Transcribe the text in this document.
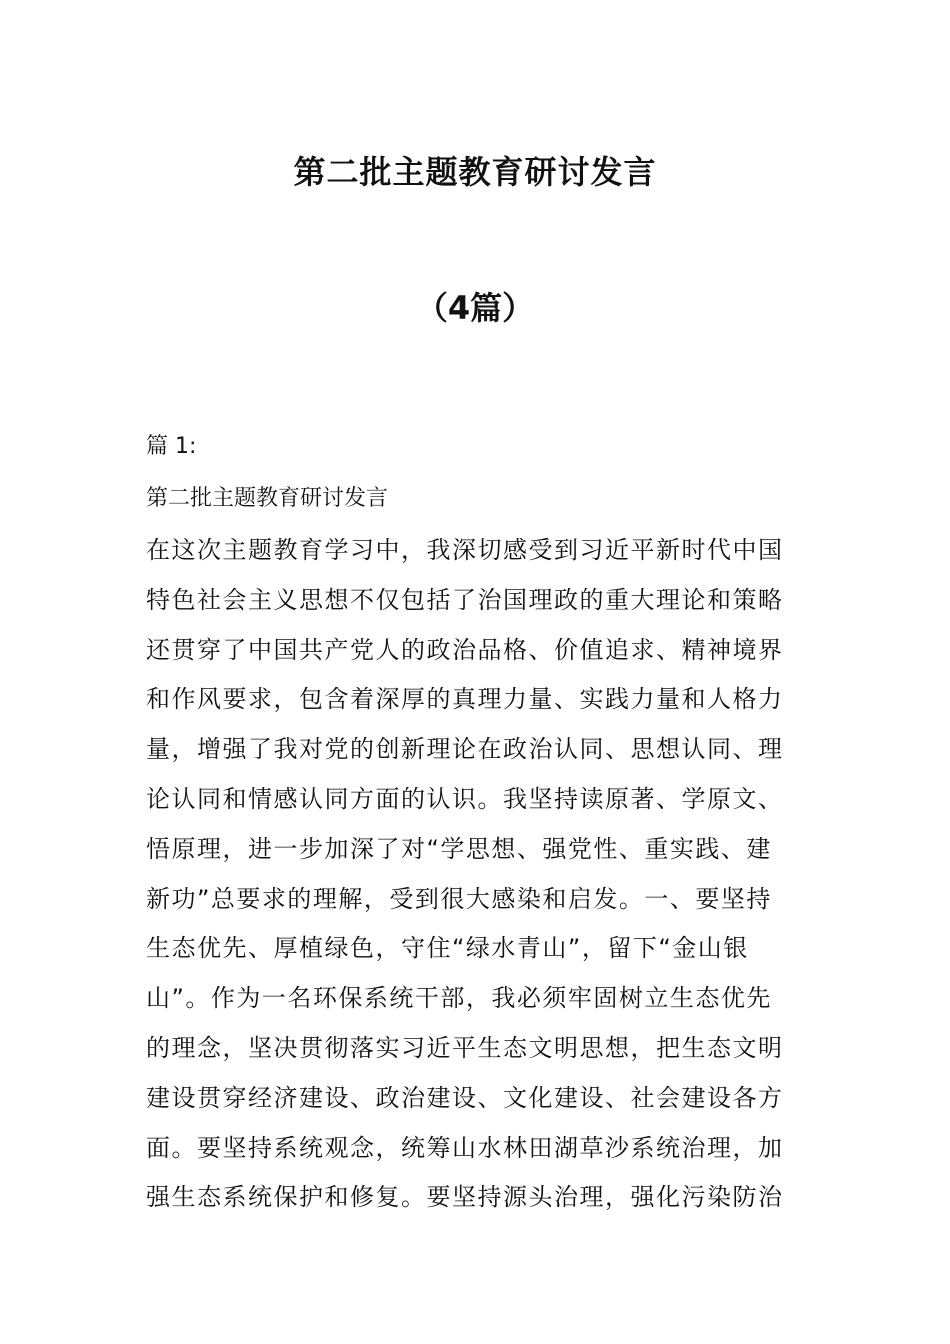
第二批主题教育研讨发言
（4篇）
篇 1:
第二批主题教育研讨发言
在这次主题教育学习中，我深切感受到习近平新时代中国
特色社会主义思想不仅包括了治国理政的重大理论和策略
还贯穿了中国共产党人的政治品格、价值追求、精神境界
和作风要求，包含着深厚的真理力量、实践力量和人格力
量，增强了我对党的创新理论在政治认同、思想认同、理
论认同和情感认同方面的认识。我坚持读原著、学原文、
悟原理，进一步加深了对“学思想、强党性、重实践、建
新功”总要求的理解，受到很大感染和启发。一、要坚持
生态优先、厚植绿色，守住“绿水青山”，留下“金山银
山”。作为一名环保系统干部，我必须牢固树立生态优先
的理念，坚决贯彻落实习近平生态文明思想，把生态文明
建设贯穿经济建设、政治建设、文化建设、社会建设各方
面。要坚持系统观念，统筹山水林田湖草沙系统治理，加
强生态系统保护和修复。要坚持源头治理，强化污染防治
